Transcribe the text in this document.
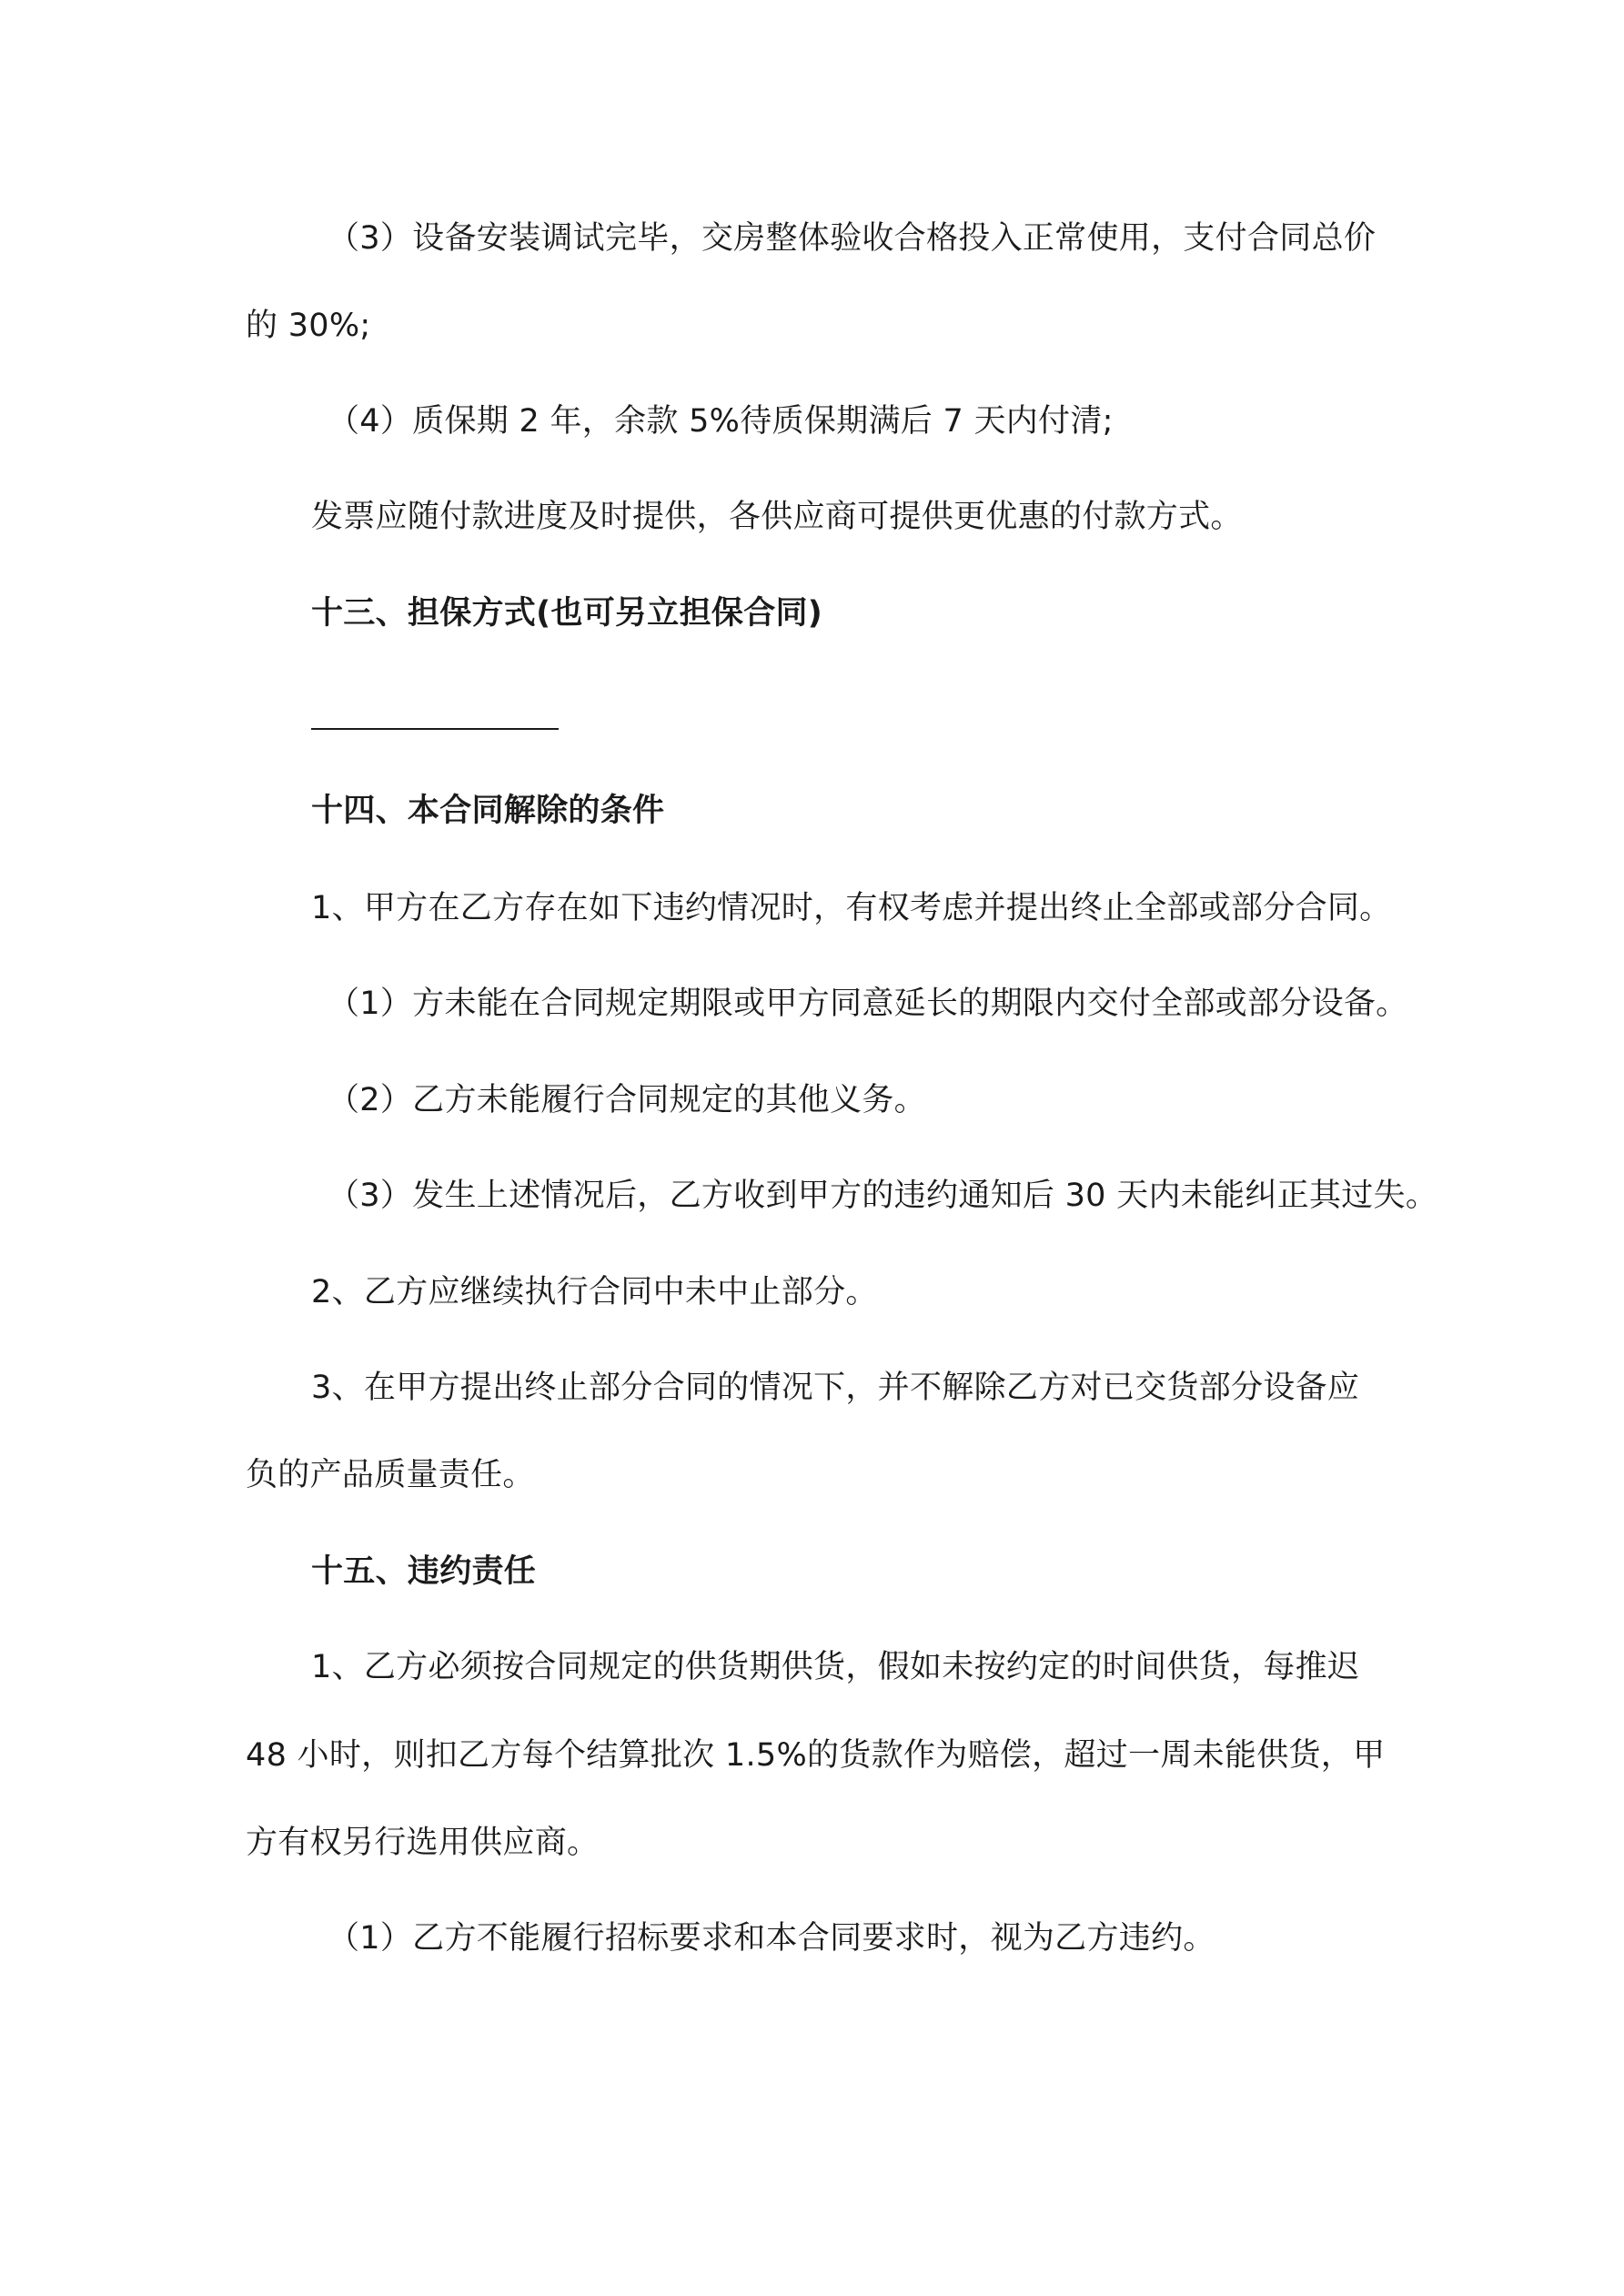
（3）设备安装调试完毕，交房整体验收合格投入正常使用，支付合同总价
的 30%;
（4）质保期 2 年，余款 5%待质保期满后 7 天内付清;
发票应随付款进度及时提供，各供应商可提供更优惠的付款方式。
十三、担保方式(也可另立担保合同)
十四、本合同解除的条件
1、甲方在乙方存在如下违约情况时，有权考虑并提出终止全部或部分合同。
（1）方未能在合同规定期限或甲方同意延长的期限内交付全部或部分设备。
（2）乙方未能履行合同规定的其他义务。
（3）发生上述情况后，乙方收到甲方的违约通知后 30 天内未能纠正其过失。
2、乙方应继续执行合同中未中止部分。
3、在甲方提出终止部分合同的情况下，并不解除乙方对已交货部分设备应
负的产品质量责任。
十五、违约责任
1、乙方必须按合同规定的供货期供货，假如未按约定的时间供货，每推迟
48 小时，则扣乙方每个结算批次 1.5%的货款作为赔偿，超过一周未能供货，甲
方有权另行选用供应商。
（1）乙方不能履行招标要求和本合同要求时，视为乙方违约。
